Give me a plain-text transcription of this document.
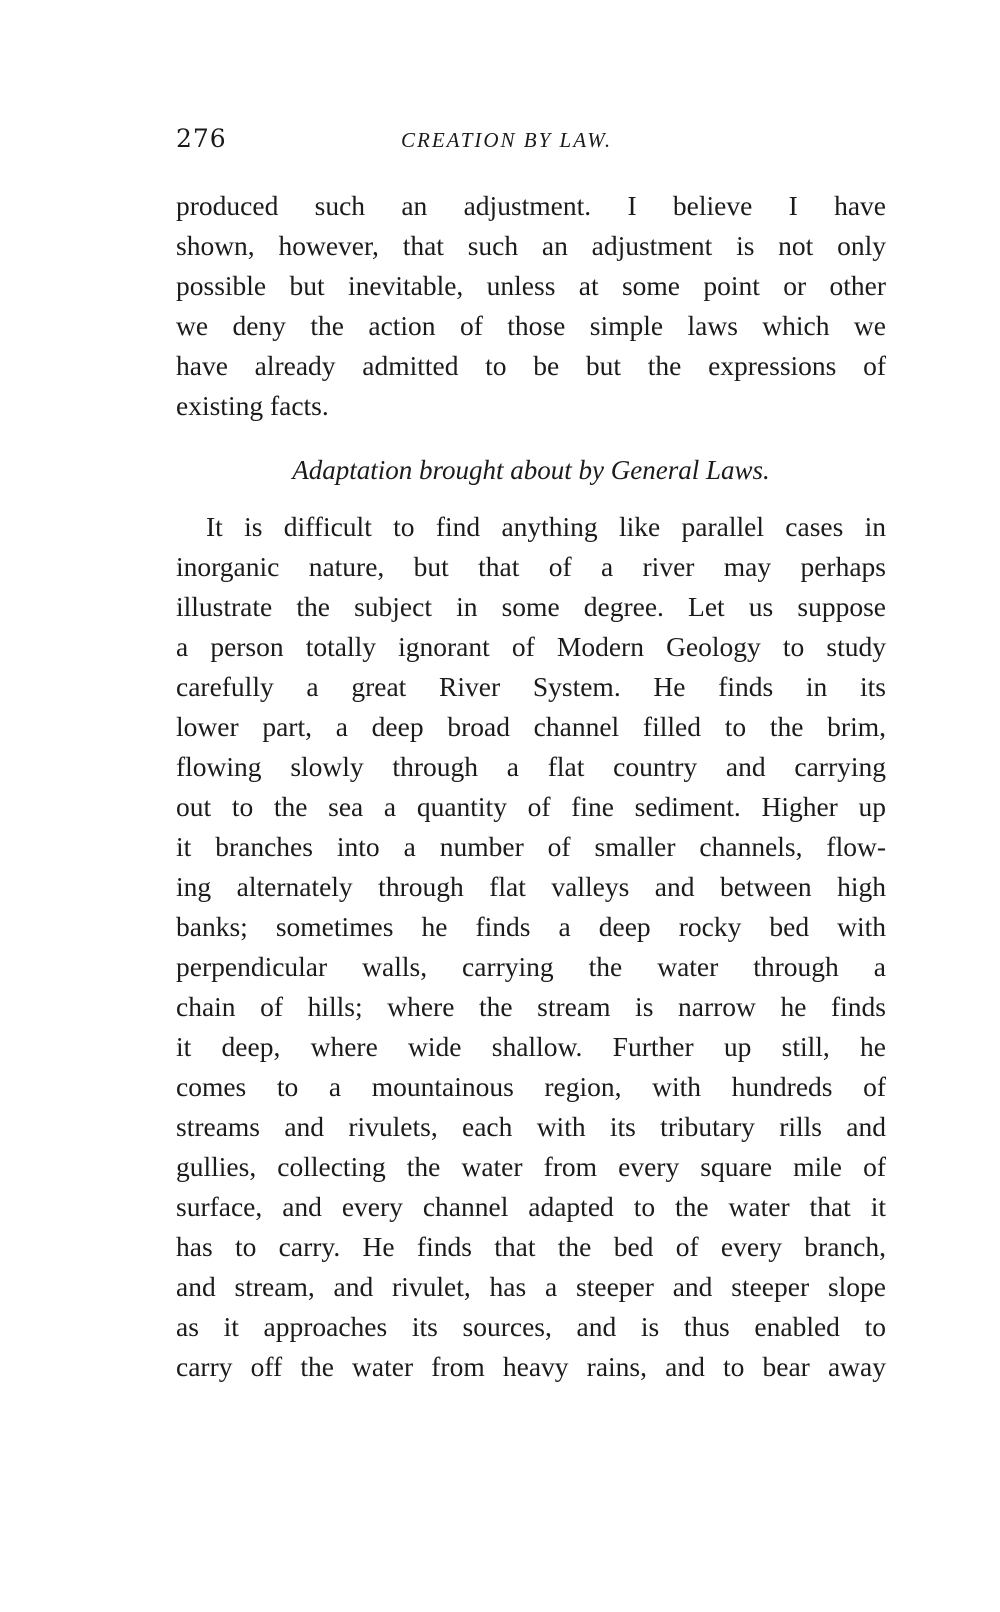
276	CREATION BY LAW.
produced such an adjustment. I believe I have
shown, however, that such an adjustment is not only
possible but inevitable, unless at some point or other
we deny the action of those simple laws which we
have already admitted to be but the expressions of
existing facts.
Adaptation brought about by General Laws.
It is difficult to find anything like parallel cases in
inorganic nature, but that of a river may perhaps
illustrate the subject in some degree. Let us suppose
a person totally ignorant of Modern Geology to study
carefully a great River System. He finds in its
lower part, a deep broad channel filled to the brim,
flowing slowly through a flat country and carrying
out to the sea a quantity of fine sediment. Higher up
it branches into a number of smaller channels, flow-
ing alternately through flat valleys and between high
banks; sometimes he finds a deep rocky bed with
perpendicular walls, carrying the water through a
chain of hills; where the stream is narrow he finds
it deep, where wide shallow. Further up still, he
comes to a mountainous region, with hundreds of
streams and rivulets, each with its tributary rills and
gullies, collecting the water from every square mile of
surface, and every channel adapted to the water that it
has to carry. He finds that the bed of every branch,
and stream, and rivulet, has a steeper and steeper slope
as it approaches its sources, and is thus enabled to
carry off the water from heavy rains, and to bear away
